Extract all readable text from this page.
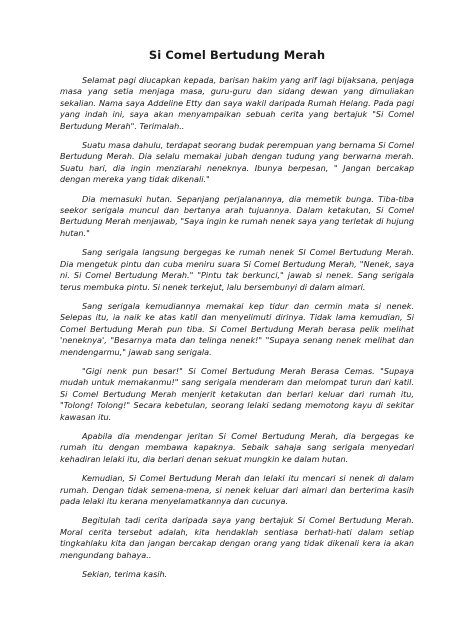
Si Comel Bertudung Merah

Selamat pagi diucapkan kepada, barisan hakim yang arif lagi bijaksana, penjaga masa yang setia menjaga masa, guru-guru dan sidang dewan yang dimuliakan sekalian. Nama saya Addeline Etty dan saya wakil daripada Rumah Helang. Pada pagi yang indah ini, saya akan menyampaikan sebuah cerita yang bertajuk "Si Comel Bertudung Merah". Terimalah..

Suatu masa dahulu, terdapat seorang budak perempuan yang bernama Si Comel Bertudung Merah. Dia selalu memakai jubah dengan tudung yang berwarna merah. Suatu hari, dia ingin menziarahi neneknya. Ibunya berpesan, " Jangan bercakap dengan mereka yang tidak dikenali."

Dia memasuki hutan. Sepanjang perjalanannya, dia memetik bunga. Tiba-tiba seekor serigala muncul dan bertanya arah tujuannya. Dalam ketakutan, Si Comel Bertudung Merah menjawab, "Saya ingin ke rumah nenek saya yang terletak di hujung hutan."

Sang serigala langsung bergegas ke rumah nenek SI Comel Bertudung Merah. Dia mengetuk pintu dan cuba meniru suara Si Comel Bertudung Merah, "Nenek, saya ni. Si Comel Bertudung Merah." "Pintu tak berkunci," jawab si nenek. Sang serigala terus membuka pintu. Si nenek terkejut, lalu bersembunyi di dalam almari.

Sang serigala kemudiannya memakai kep tidur dan cermin mata si nenek. Selepas itu, ia naik ke atas katil dan menyelimuti dirinya. Tidak lama kemudian, Si Comel Bertudung Merah pun tiba. Si Comel Bertudung Merah berasa pelik melihat 'neneknya', "Besarnya mata dan telinga nenek!" "Supaya senang nenek melihat dan mendengarmu," jawab sang serigala.

"Gigi nenk pun besar!" Si Comel Bertudung Merah Berasa Cemas. "Supaya mudah untuk memakanmu!" sang serigala menderam dan melompat turun dari katil. Si Comel Bertudung Merah menjerit ketakutan dan berlari keluar dari rumah itu, "Tolong! Tolong!" Secara kebetulan, seorang lelaki sedang memotong kayu di sekitar kawasan itu.

Apabila dia mendengar jeritan Si Comel Bertudung Merah, dia bergegas ke rumah itu dengan membawa kapaknya. Sebaik sahaja sang serigala menyedari kehadiran lelaki itu, dia berlari denan sekuat mungkin ke dalam hutan.

Kemudian, Si Comel Bertudung Merah dan lelaki itu mencari si nenek di dalam rumah. Dengan tidak semena-mena, si nenek keluar dari almari dan berterima kasih pada lelaki itu kerana menyelamatkannya dan cucunya.

Begitulah tadi cerita daripada saya yang bertajuk Si Comel Bertudung Merah. Moral cerita tersebut adalah, kita hendaklah sentiasa berhati-hati dalam setiap tingkahlaku kita dan jangan bercakap dengan orang yang tidak dikenali kera ia akan mengundang bahaya..

Sekian, terima kasih.
